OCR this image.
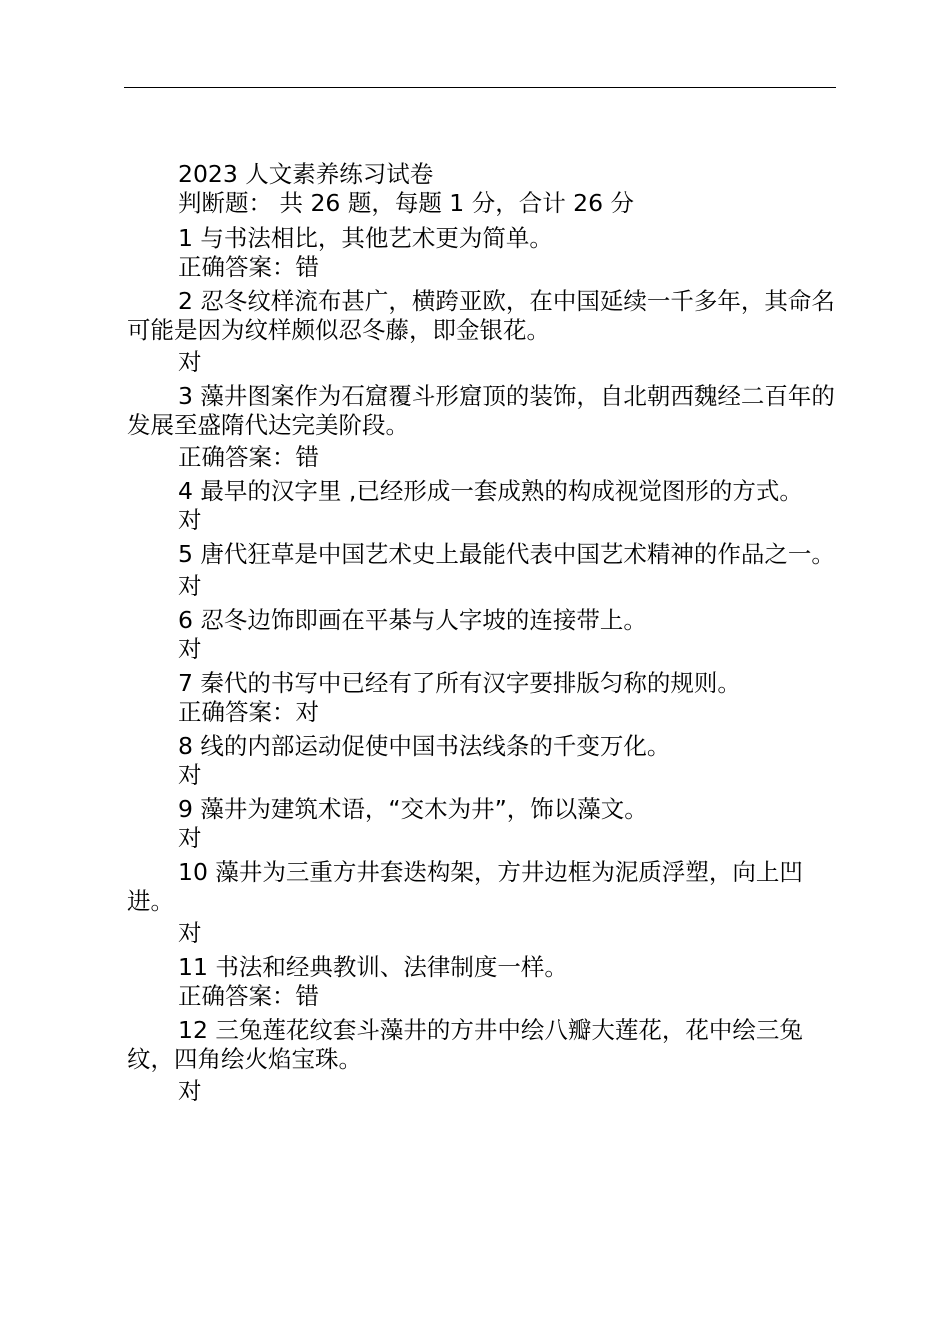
2023 人文素养练习试卷
判断题： 共 26 题，每题 1 分，合计 26 分
1 与书法相比，其他艺术更为简单。
正确答案：错
2 忍冬纹样流布甚广，横跨亚欧，在中国延续一千多年，其命名可能是因为纹样颇似忍冬藤，即金银花。
对
3 藻井图案作为石窟覆斗形窟顶的装饰，自北朝西魏经二百年的发展至盛隋代达完美阶段。
正确答案：错
4 最早的汉字里 ,已经形成一套成熟的构成视觉图形的方式。
对
5 唐代狂草是中国艺术史上最能代表中国艺术精神的作品之一。
对
6 忍冬边饰即画在平棊与人字坡的连接带上。
对
7 秦代的书写中已经有了所有汉字要排版匀称的规则。
正确答案：对
8 线的内部运动促使中国书法线条的千变万化。
对
9 藻井为建筑术语，“交木为井”，饰以藻文。
对
10 藻井为三重方井套迭构架，方井边框为泥质浮塑，向上凹进。
对
11 书法和经典教训、法律制度一样。
正确答案：错
12 三兔莲花纹套斗藻井的方井中绘八瓣大莲花，花中绘三兔纹，四角绘火焰宝珠。
对
